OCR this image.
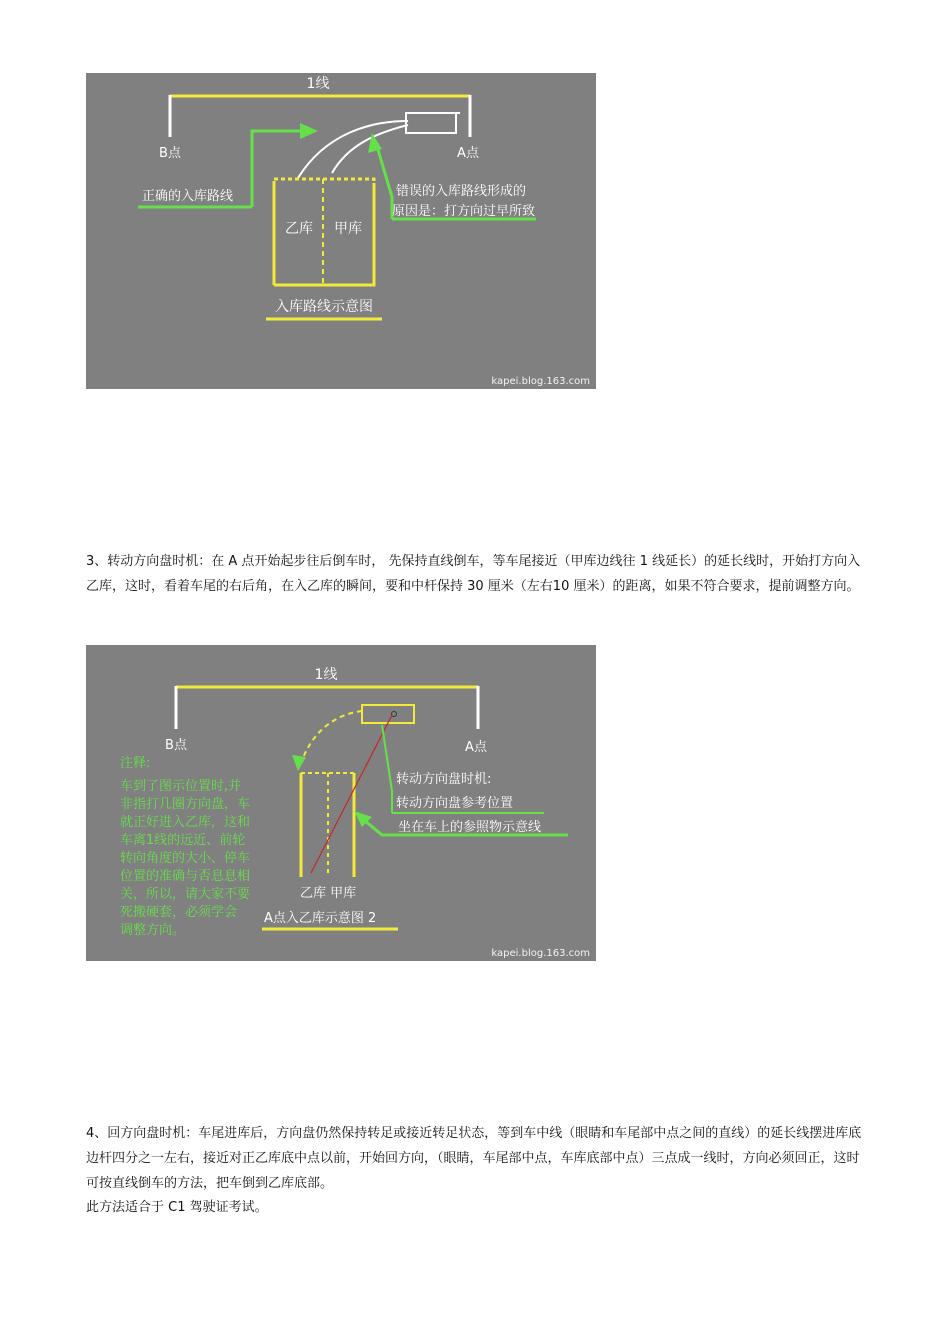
1线
B点	A点
乙库 甲库
正确的入库路线	错误的入库路线形成的
原因是：打方向过早所致
入库路线示意图
kapei.blog.163.com
3、转动方向盘时机：在 A 点开始起步往后倒车时， 先保持直线倒车，等车尾接近（甲库边线往 1 线延长）的延长线时，开始打方向入乙库，这时，看着车尾的右后角，在入乙库的瞬间，要和中杆保持 30 厘米（左右10 厘米）的距离，如果不符合要求，提前调整方向。
1线
B点	A点
转动方向盘时机:
转动方向盘参考位置
坐在车上的参照物示意线
注释:
车到了图示位置时,并
非指打几圈方向盘，车
就正好进入乙库，这和
车离1线的远近、前轮
转向角度的大小、停车
位置的准确与否息息相
关，所以，请大家不要
死搬硬套，必须学会
调整方向。
乙库 甲库
A点入乙库示意图 2
kapei.blog.163.com
4、回方向盘时机：车尾进库后，方向盘仍然保持转足或接近转足状态，等到车中线（眼睛和车尾部中点之间的直线）的延长线摆进库底边杆四分之一左右，接近对正乙库底中点以前，开始回方向，（眼睛，车尾部中点，车库底部中点）三点成一线时，方向必须回正，这时可按直线倒车的方法，把车倒到乙库底部。
此方法适合于 C1 驾驶证考试。
